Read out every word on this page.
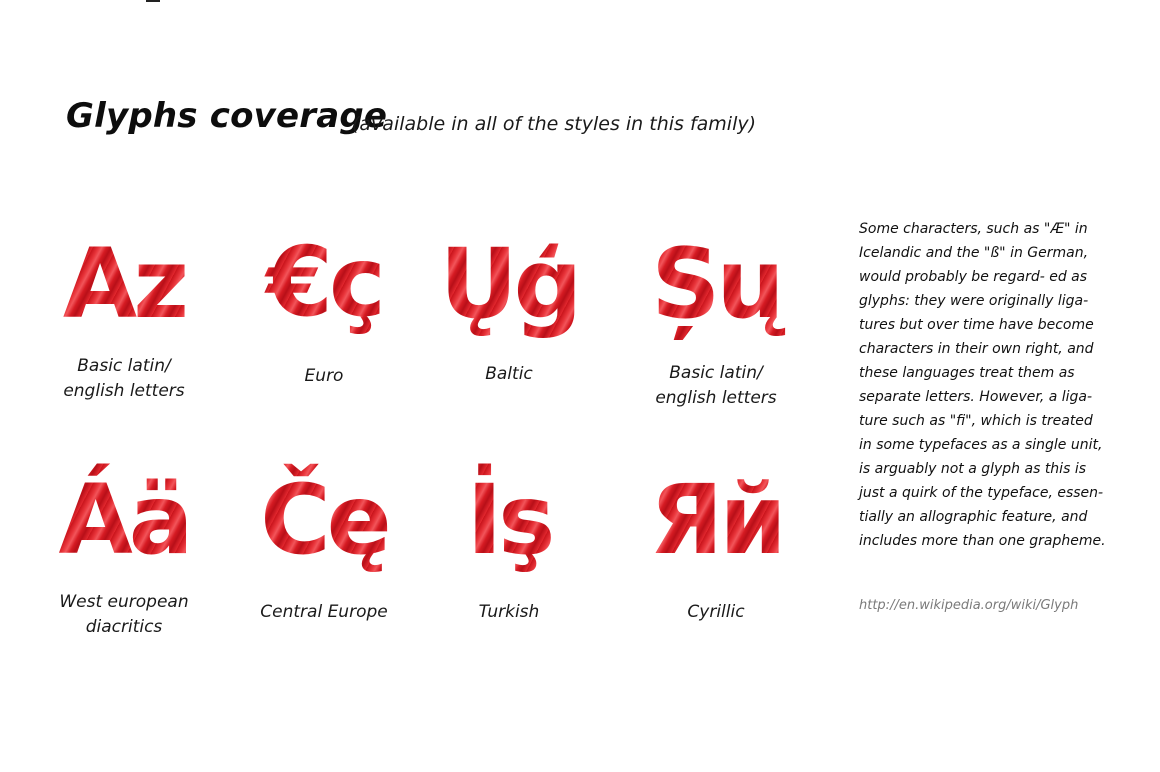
Glyphs coverage
(available in all of the styles in this family)
Az
Basic latin/
english letters
€ç
Euro
Ųģ
Baltic
Șų
Basic latin/
english letters
Áä
West european
diacritics
Čę
Central Europe
İş
Turkish
Яй
Cyrillic
Some characters, such as "Æ" in
Icelandic and the "ß" in German,
would probably be regard- ed as
glyphs: they were originally liga-
tures but over time have become
characters in their own right, and
these languages treat them as
separate letters. However, a liga-
ture such as "fi", which is treated
in some typefaces as a single unit,
is arguably not a glyph as this is
just a quirk of the typeface, essen-
tially an allographic feature, and
includes more than one grapheme.
http://en.wikipedia.org/wiki/Glyph
